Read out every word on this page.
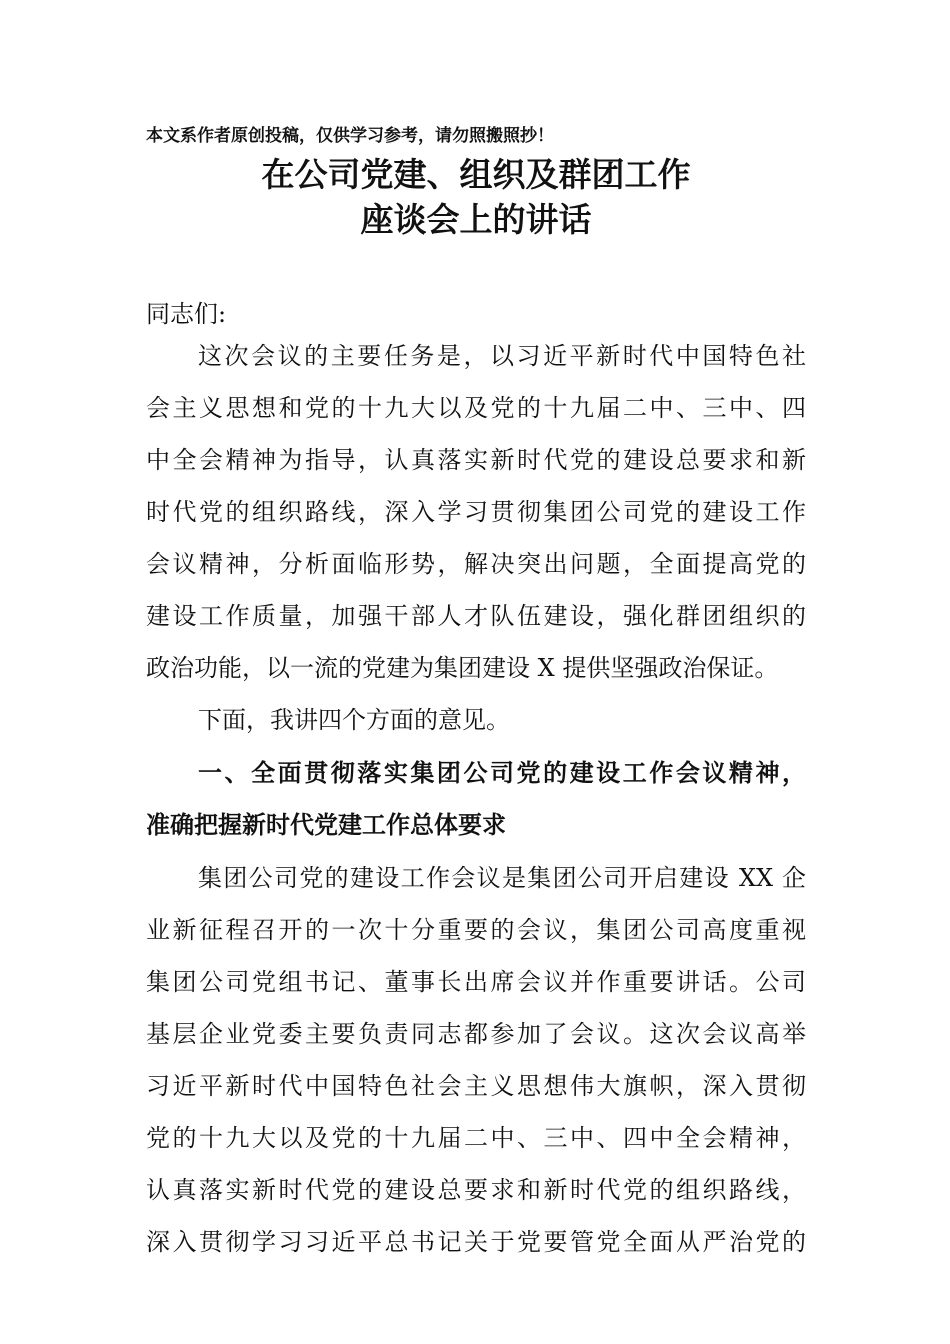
本文系作者原创投稿，仅供学习参考，请勿照搬照抄！
在公司党建、组织及群团工作
座谈会上的讲话
同志们:
这次会议的主要任务是，以习近平新时代中国特色社
会主义思想和党的十九大以及党的十九届二中、三中、四
中全会精神为指导，认真落实新时代党的建设总要求和新
时代党的组织路线，深入学习贯彻集团公司党的建设工作
会议精神，分析面临形势，解决突出问题，全面提高党的
建设工作质量，加强干部人才队伍建设，强化群团组织的
政治功能，以一流的党建为集团建设 X 提供坚强政治保证。
下面，我讲四个方面的意见。
一、全面贯彻落实集团公司党的建设工作会议精神，
准确把握新时代党建工作总体要求
集团公司党的建设工作会议是集团公司开启建设 XX 企
业新征程召开的一次十分重要的会议，集团公司高度重视
集团公司党组书记、董事长出席会议并作重要讲话。公司
基层企业党委主要负责同志都参加了会议。这次会议高举
习近平新时代中国特色社会主义思想伟大旗帜，深入贯彻
党的十九大以及党的十九届二中、三中、四中全会精神，
认真落实新时代党的建设总要求和新时代党的组织路线，
深入贯彻学习习近平总书记关于党要管党全面从严治党的
